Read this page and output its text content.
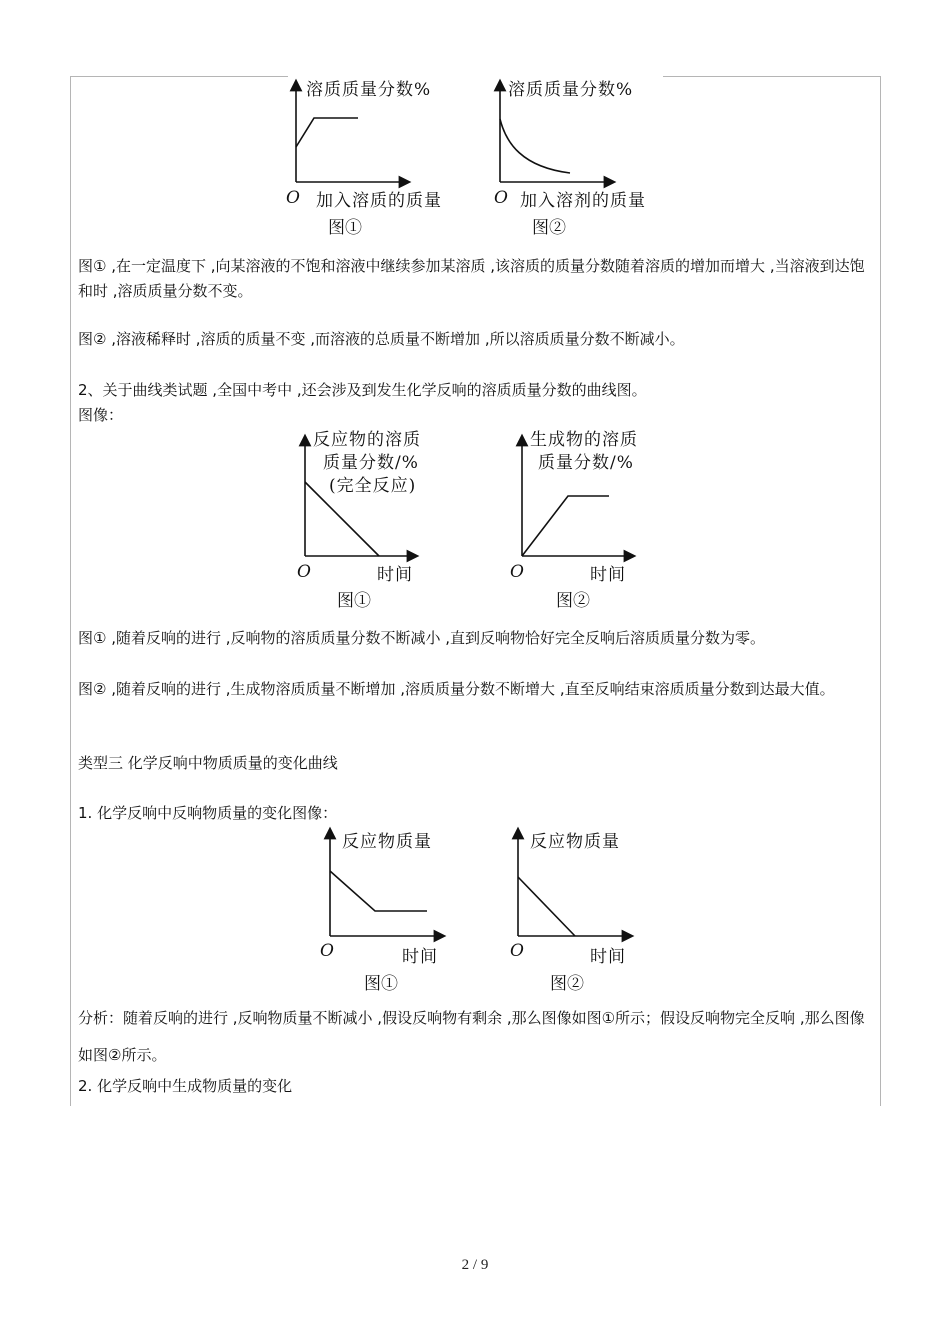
溶质质量分数%
O 加入溶质的质量
图①
溶质质量分数%
O 加入溶剂的质量
图②

图① ,在一定温度下 ,向某溶液的不饱和溶液中继续参加某溶质 ,该溶质的质量分数随着溶质的增加而增大 ,当溶液到达饱和时 ,溶质质量分数不变。

图② ,溶液稀释时 ,溶质的质量不变 ,而溶液的总质量不断增加 ,所以溶质质量分数不断减小。

2、关于曲线类试题 ,全国中考中 ,还会涉及到发生化学反响的溶质质量分数的曲线图。

图像：

反应物的溶质
质量分数/%
(完全反应)
O	时间
图①
生成物的溶质
质量分数/%
O	时间
图②

图① ,随着反响的进行 ,反响物的溶质质量分数不断减小 ,直到反响物恰好完全反响后溶质质量分数为零。

图② ,随着反响的进行 ,生成物溶质质量不断增加 ,溶质质量分数不断增大 ,直至反响结束溶质质量分数到达最大值。

类型三 化学反响中物质质量的变化曲线

1. 化学反响中反响物质量的变化图像：

反应物质量
O	时间
图①
反应物质量
O	时间
图②

分析：随着反响的进行 ,反响物质量不断减小 ,假设反响物有剩余 ,那么图像如图①所示；假设反响物完全反响 ,那么图像如图②所示。

2. 化学反响中生成物质量的变化

2 / 9
